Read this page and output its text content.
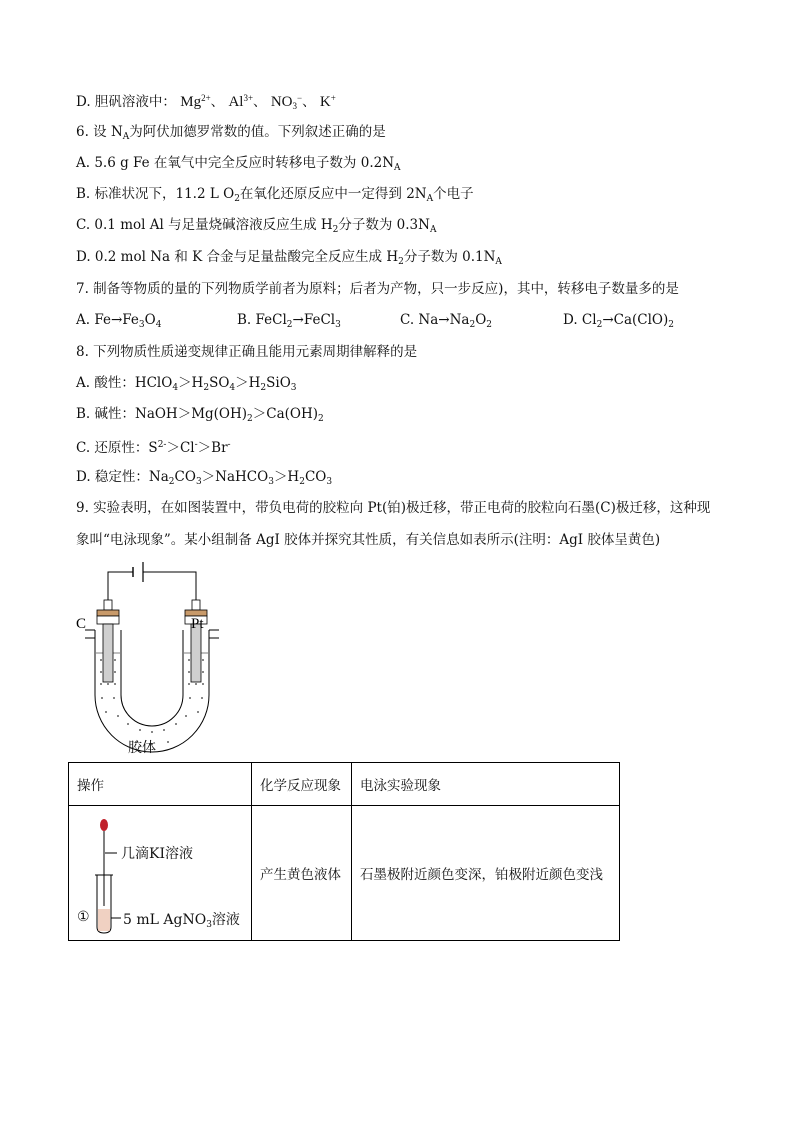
D. 胆矾溶液中： $Mg^{2+}$、 $Al^{3+}$、 $NO_3^-$、 K+
6. 设 $N_A$为阿伏加德罗常数的值。下列叙述正确的是
A. 5.6 g Fe 在氧气中完全反应时转移电子数为 $0.2N_A$
B. 标准状况下，11.2 L $O_2$在氧化还原反应中一定得到 $2N_A$个电子
C. 0.1 mol Al 与足量烧碱溶液反应生成 $H_2$分子数为 $0.3N_A$
D. 0.2 mol Na 和 K 合金与足量盐酸完全反应生成 $H_2$分子数为 $0.1N_A$
7. 制备等物质的量的下列物质学前者为原料；后者为产物，只一步反应)，其中，转移电子数量多的是
A. $Fe\to Fe_3O_4$	B. FeCl$_2$→FeCl$_3$	C. $Na\to Na_2O_2$	D. $Cl_2\to Ca(ClO)_2$
8. 下列物质性质递变规律正确且能用元素周期律解释的是
A. 酸性：$HClO_4>H_2SO_4>H_2SiO_3$
B. 碱性：$NaOH>Mg(OH)_2>Ca(OH)_2$
C. 还原性：$S^{2-}>Cl^->Br^-$
D. 稳定性：$Na_2CO_3>NaHCO_3>H_2CO_3$
9. 实验表明，在如图装置中，带负电荷的胶粒向 Pt(铂)极迁移，带正电荷的胶粒向石墨(C)极迁移，这种现
象叫“电泳现象”。某小组制备 AgI 胶体并探究其性质，有关信息如表所示(注明：AgI 胶体呈黄色)
C	Pt
胶体
操作	化学反应现象	电泳实验现象

几滴KI溶液
① 5 mL AgNO$_3$溶液	产生黄色液体	石墨极附近颜色变深，铂极附近颜色变浅
